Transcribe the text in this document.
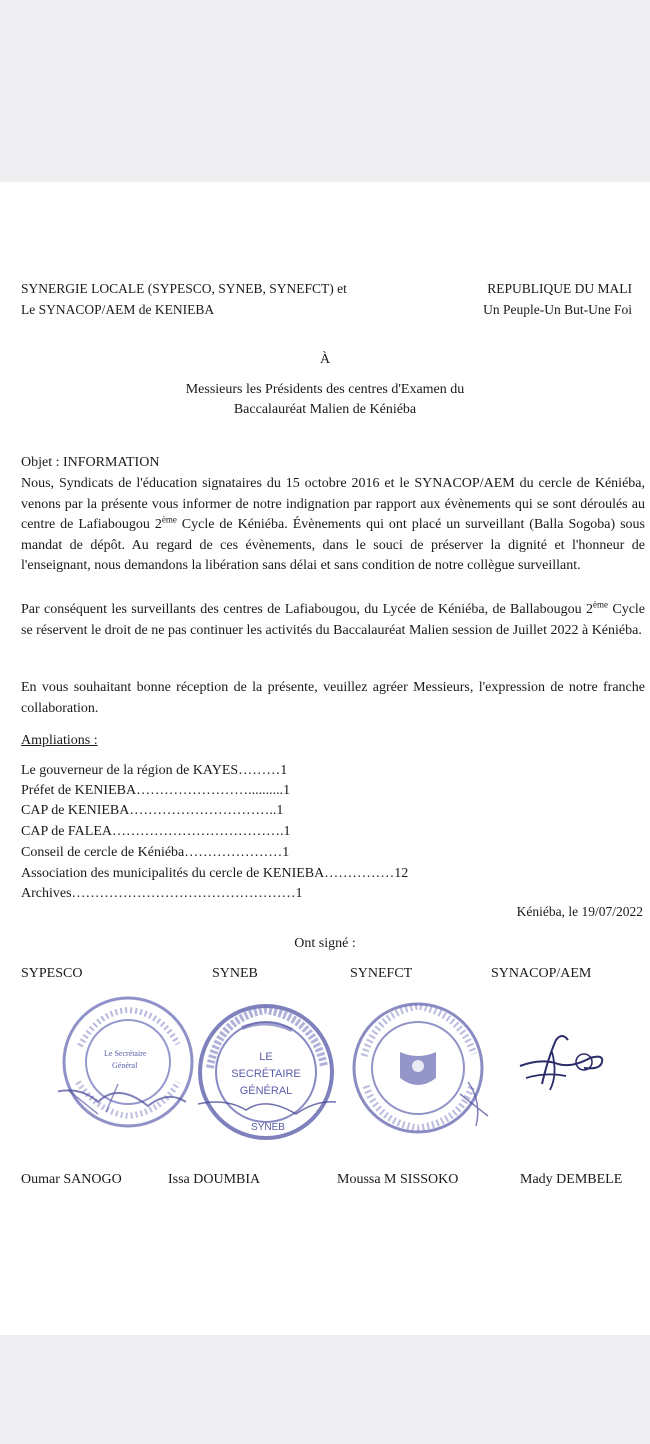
SYNERGIE LOCALE (SYPESCO, SYNEB, SYNEFCT) et
Le SYNACOP/AEM de KENIEBA
REPUBLIQUE DU MALI
Un Peuple-Un But-Une Foi
À
Messieurs les Présidents des centres d'Examen du
Baccalauréat Malien de Kéniéba
Objet : INFORMATION

Nous, Syndicats de l'éducation signataires du 15 octobre 2016 et le SYNACOP/AEM du cercle de Kéniéba, venons par la présente vous informer de notre indignation par rapport aux évènements qui se sont déroulés au centre de Lafiabougou 2ème Cycle de Kéniéba. Évènements qui ont placé un surveillant (Balla Sogoba) sous mandat de dépôt. Au regard de ces évènements, dans le souci de préserver la dignité et l'honneur de l'enseignant, nous demandons la libération sans délai et sans condition de notre collègue surveillant.

Par conséquent les surveillants des centres de Lafiabougou, du Lycée de Kéniéba, de Ballabougou 2ème Cycle se réservent le droit de ne pas continuer les activités du Baccalauréat Malien session de Juillet 2022 à Kéniéba.

En vous souhaitant bonne réception de la présente, veuillez agréer Messieurs, l'expression de notre franche collaboration.
Ampliations :
Le gouverneur de la région de KAYES………1
Préfet de KENIEBA……………………..........1
CAP de KENIEBA…………………………..1
CAP de FALEA……………………………….1
Conseil de cercle de Kéniéba…………………1
Association des municipalités du cercle de KENIEBA……………12
Archives…………………………………………1
Kéniéba, le 19/07/2022
Ont signé :
SYPESCO	SYNEB	SYNEFCT	SYNACOP/AEM
Le Secrétaire
Général
LE
SECRÉTAIRE
GÉNÉRAL
SYNEB
Oumar SANOGO	Issa DOUMBIA	Moussa M SISSOKO	Mady DEMBELE
